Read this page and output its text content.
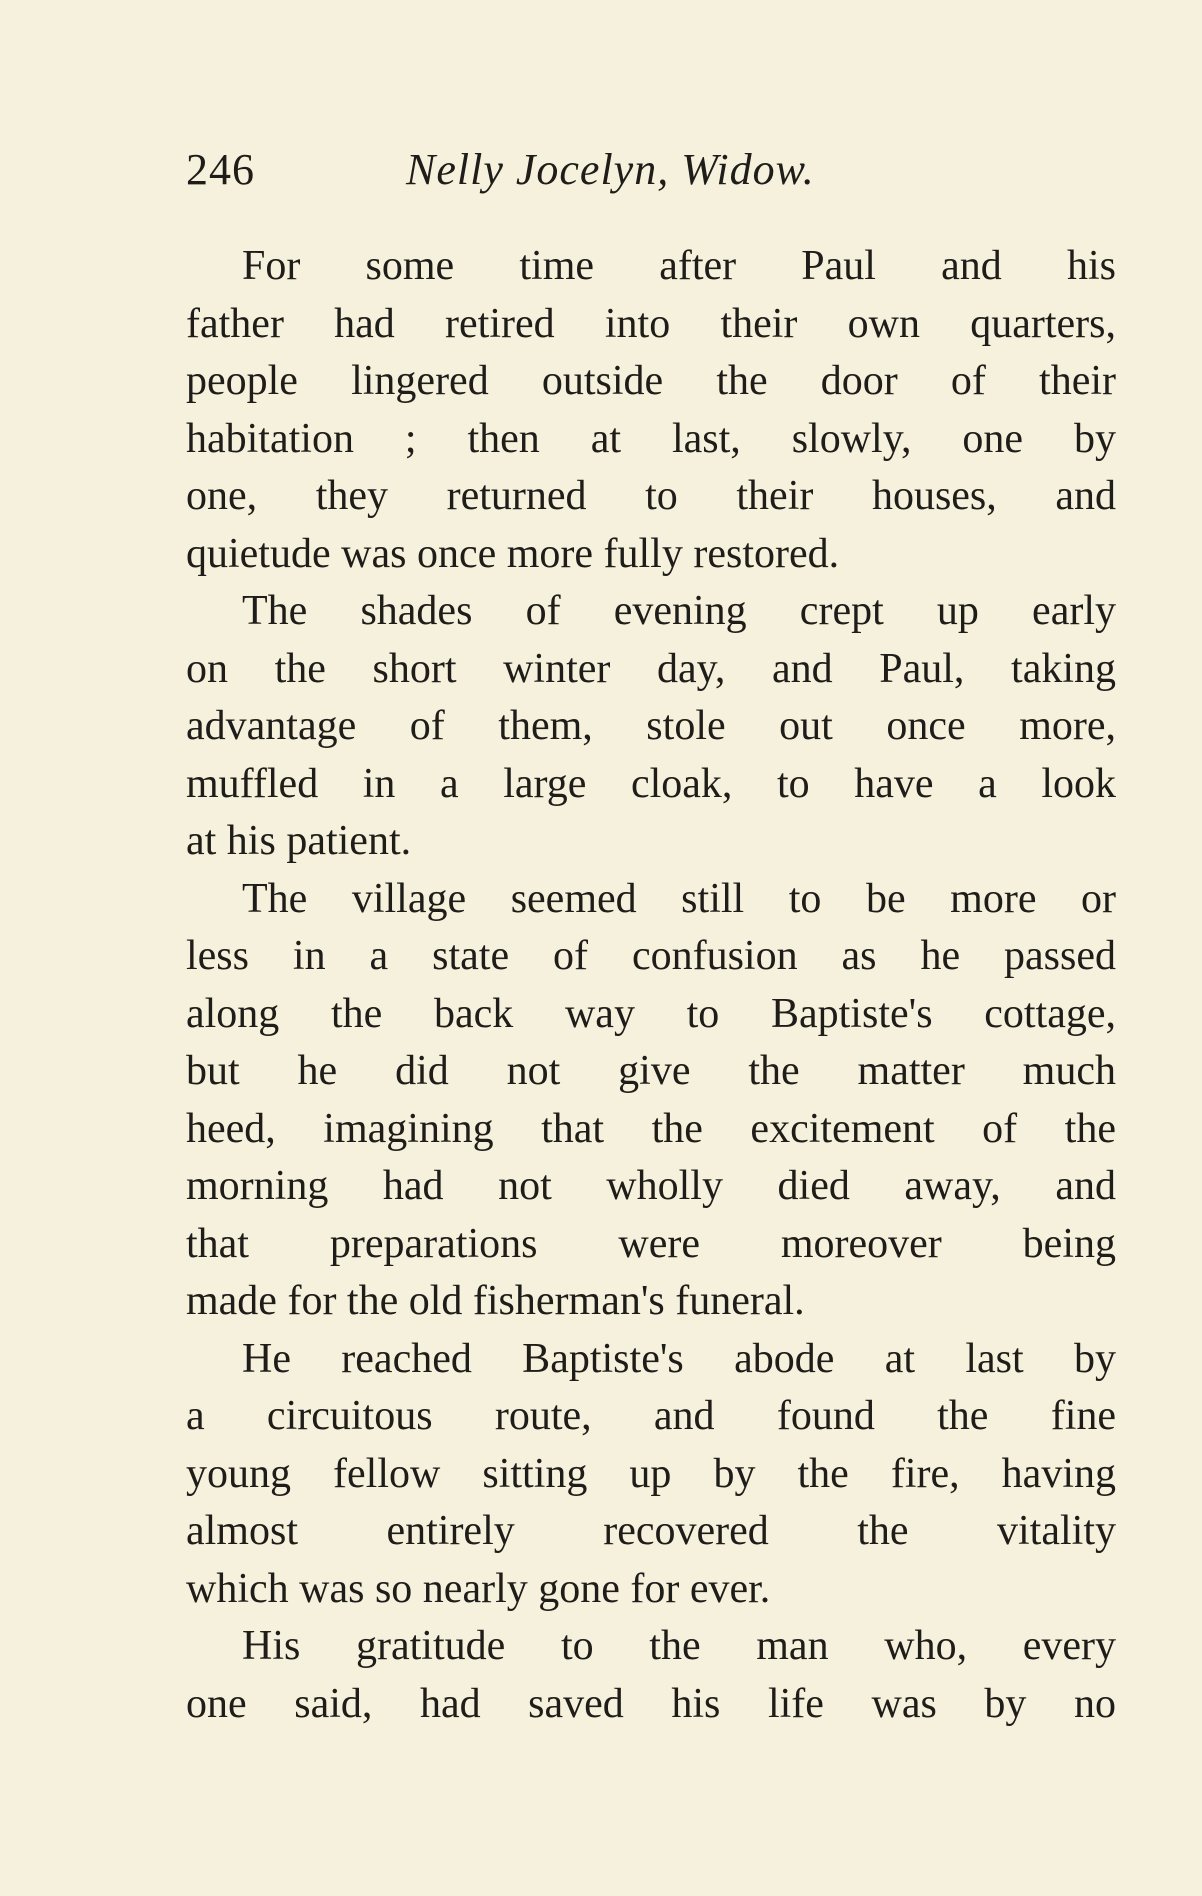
246	Nelly Jocelyn, Widow.
For some time after Paul and his
father had retired into their own quarters,
people lingered outside the door of their
habitation ; then at last, slowly, one by
one, they returned to their houses, and
quietude was once more fully restored.
The shades of evening crept up early
on the short winter day, and Paul, taking
advantage of them, stole out once more,
muffled in a large cloak, to have a look
at his patient.
The village seemed still to be more or
less in a state of confusion as he passed
along the back way to Baptiste's cottage,
but he did not give the matter much
heed, imagining that the excitement of the
morning had not wholly died away, and
that preparations were moreover being
made for the old fisherman's funeral.
He reached Baptiste's abode at last by
a circuitous route, and found the fine
young fellow sitting up by the fire, having
almost entirely recovered the vitality
which was so nearly gone for ever.
His gratitude to the man who, every
one said, had saved his life was by no
